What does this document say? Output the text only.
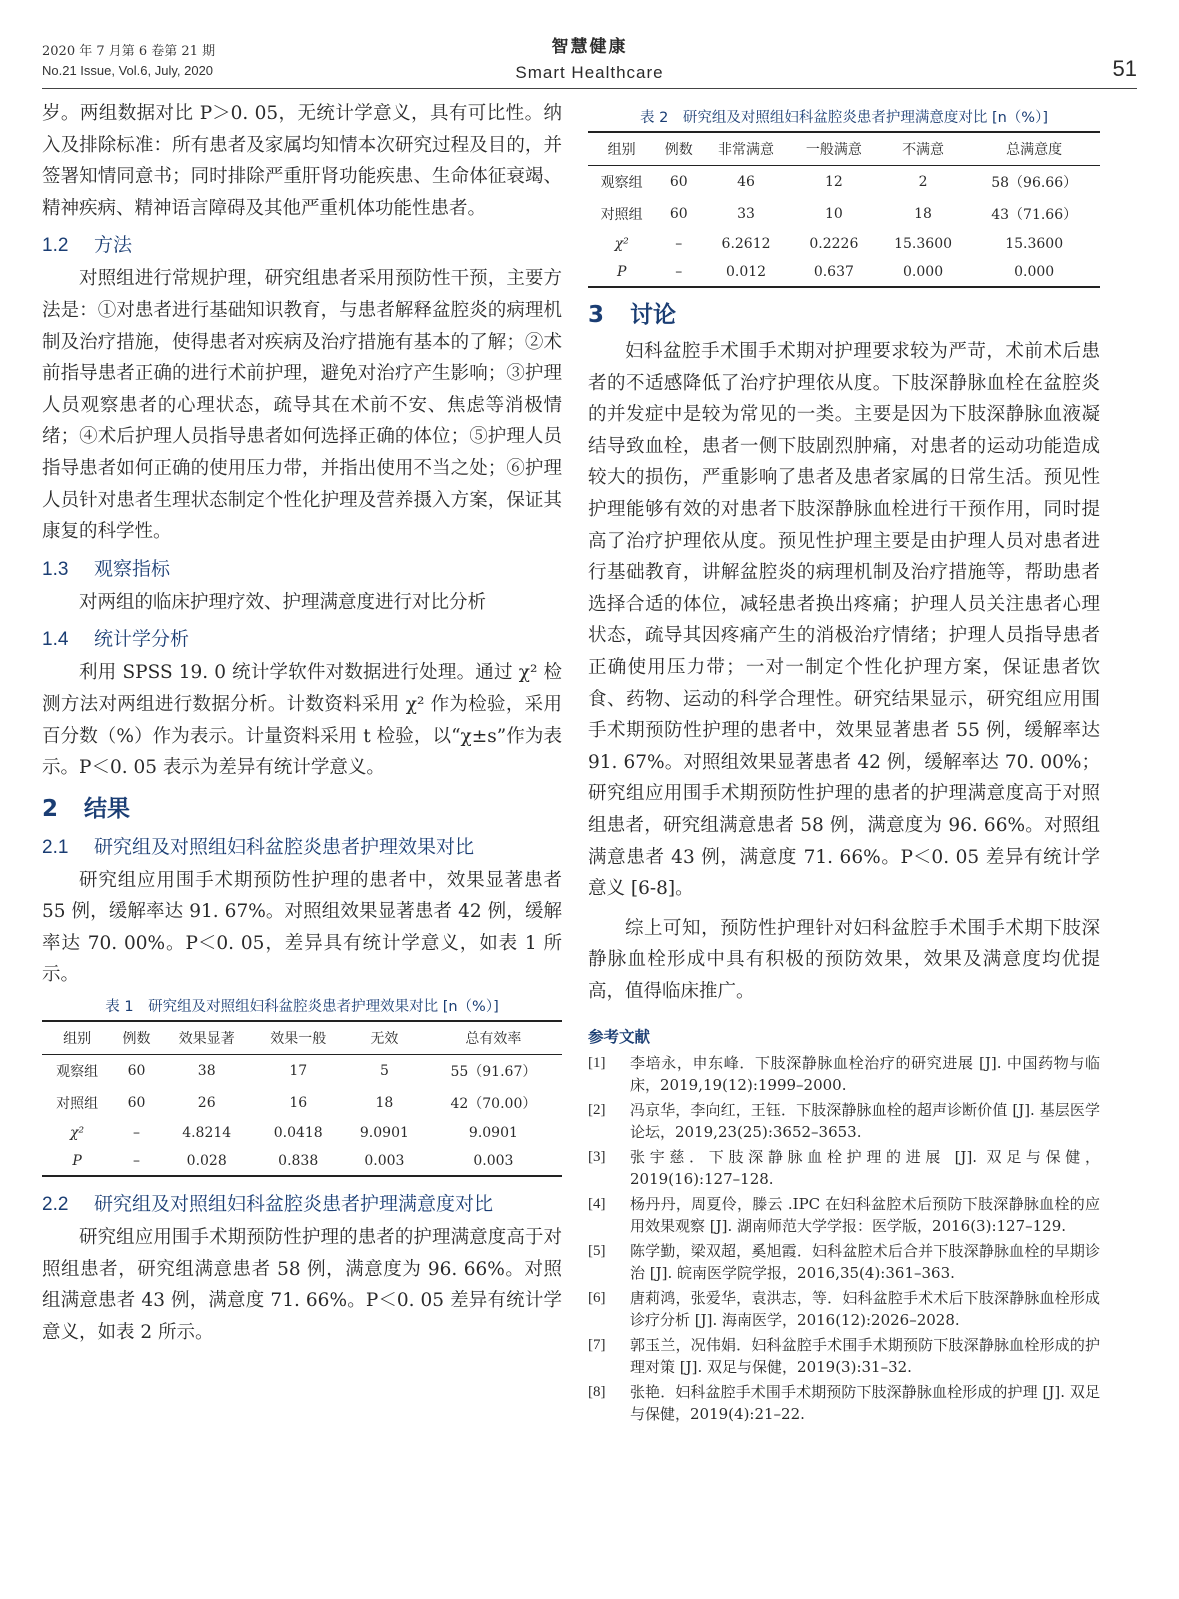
2020 年 7 月第 6 卷第 21 期
No.21 Issue, Vol.6, July, 2020
智慧健康
Smart Healthcare	51

岁。两组数据对比 P＞0. 05，无统计学意义，具有可比性。纳入及排除标准：所有患者及家属均知情本次研究过程及目的，并签署知情同意书；同时排除严重肝肾功能疾患、生命体征衰竭、精神疾病、精神语言障碍及其他严重机体功能性患者。

1.2 方法

对照组进行常规护理，研究组患者采用预防性干预，主要方法是：①对患者进行基础知识教育，与患者解释盆腔炎的病理机制及治疗措施，使得患者对疾病及治疗措施有基本的了解；②术前指导患者正确的进行术前护理，避免对治疗产生影响；③护理人员观察患者的心理状态，疏导其在术前不安、焦虑等消极情绪；④术后护理人员指导患者如何选择正确的体位；⑤护理人员指导患者如何正确的使用压力带，并指出使用不当之处；⑥护理人员针对患者生理状态制定个性化护理及营养摄入方案，保证其康复的科学性。

1.3 观察指标

对两组的临床护理疗效、护理满意度进行对比分析

1.4 统计学分析

利用 SPSS 19. 0 统计学软件对数据进行处理。通过 χ² 检测方法对两组进行数据分析。计数资料采用 χ² 作为检验，采用百分数（%）作为表示。计量资料采用 t 检验，以“χ±s”作为表示。P＜0. 05 表示为差异有统计学意义。

2 结果
2.1 研究组及对照组妇科盆腔炎患者护理效果对比

研究组应用围手术期预防性护理的患者中，效果显著患者 55 例，缓解率达 91. 67%。对照组效果显著患者 42 例，缓解率达 70. 00%。P＜0. 05，差异具有统计学意义，如表 1 所示。

表 1　研究组及对照组妇科盆腔炎患者护理效果对比 [n（%）]
组别	例数	效果显著	效果一般	无效	总有效率
观察组	60	38	17	5	55（91.67）
对照组	60	26	16	18	42（70.00）
χ²	–	4.8214	0.0418	9.0901	9.0901
P	–	0.028	0.838	0.003	0.003
2.2 研究组及对照组妇科盆腔炎患者护理满意度对比

研究组应用围手术期预防性护理的患者的护理满意度高于对照组患者，研究组满意患者 58 例，满意度为 96. 66%。对照组满意患者 43 例，满意度 71. 66%。P＜0. 05 差异有统计学意义，如表 2 所示。

表 2　研究组及对照组妇科盆腔炎患者护理满意度对比 [n（%）]
组别	例数	非常满意	一般满意	不满意	总满意度
观察组	60	46	12	2	58（96.66）
对照组	60	33	10	18	43（71.66）
χ²	–	6.2612	0.2226	15.3600	15.3600
P	–	0.012	0.637	0.000	0.000
3 讨论

妇科盆腔手术围手术期对护理要求较为严苛，术前术后患者的不适感降低了治疗护理依从度。下肢深静脉血栓在盆腔炎的并发症中是较为常见的一类。主要是因为下肢深静脉血液凝结导致血栓，患者一侧下肢剧烈肿痛，对患者的运动功能造成较大的损伤，严重影响了患者及患者家属的日常生活。预见性护理能够有效的对患者下肢深静脉血栓进行干预作用，同时提高了治疗护理依从度。预见性护理主要是由护理人员对患者进行基础教育，讲解盆腔炎的病理机制及治疗措施等，帮助患者选择合适的体位，减轻患者换出疼痛；护理人员关注患者心理状态，疏导其因疼痛产生的消极治疗情绪；护理人员指导患者正确使用压力带；一对一制定个性化护理方案，保证患者饮食、药物、运动的科学合理性。研究结果显示，研究组应用围手术期预防性护理的患者中，效果显著患者 55 例，缓解率达 91. 67%。对照组效果显著患者 42 例，缓解率达 70. 00%；研究组应用围手术期预防性护理的患者的护理满意度高于对照组患者，研究组满意患者 58 例，满意度为 96. 66%。对照组满意患者 43 例，满意度 71. 66%。P＜0. 05 差异有统计学意义 [6-8]。

综上可知，预防性护理针对妇科盆腔手术围手术期下肢深静脉血栓形成中具有积极的预防效果，效果及满意度均优提高，值得临床推广。

参考文献
[1]	李培永，申东峰．下肢深静脉血栓治疗的研究进展 [J]. 中国药物与临床，2019,19(12):1999–2000.
[2]	冯京华，李向红，王钰．下肢深静脉血栓的超声诊断价值 [J]. 基层医学论坛，2019,23(25):3652–3653.
[3]	张宇慈．下肢深静脉血栓护理的进展 [J]. 双足与保健，2019(16):127–128.
[4]	杨丹丹，周夏伶，滕云 .IPC 在妇科盆腔术后预防下肢深静脉血栓的应用效果观察 [J]. 湖南师范大学学报：医学版，2016(3):127–129.
[5]	陈学勤，梁双超，奚旭霞．妇科盆腔术后合并下肢深静脉血栓的早期诊治 [J]. 皖南医学院学报，2016,35(4):361–363.
[6]	唐莉鸿，张爱华，袁洪志，等．妇科盆腔手术术后下肢深静脉血栓形成诊疗分析 [J]. 海南医学，2016(12):2026–2028.
[7]	郭玉兰，况伟娟．妇科盆腔手术围手术期预防下肢深静脉血栓形成的护理对策 [J]. 双足与保健，2019(3):31–32.
[8]	张艳．妇科盆腔手术围手术期预防下肢深静脉血栓形成的护理 [J]. 双足与保健，2019(4):21–22.
